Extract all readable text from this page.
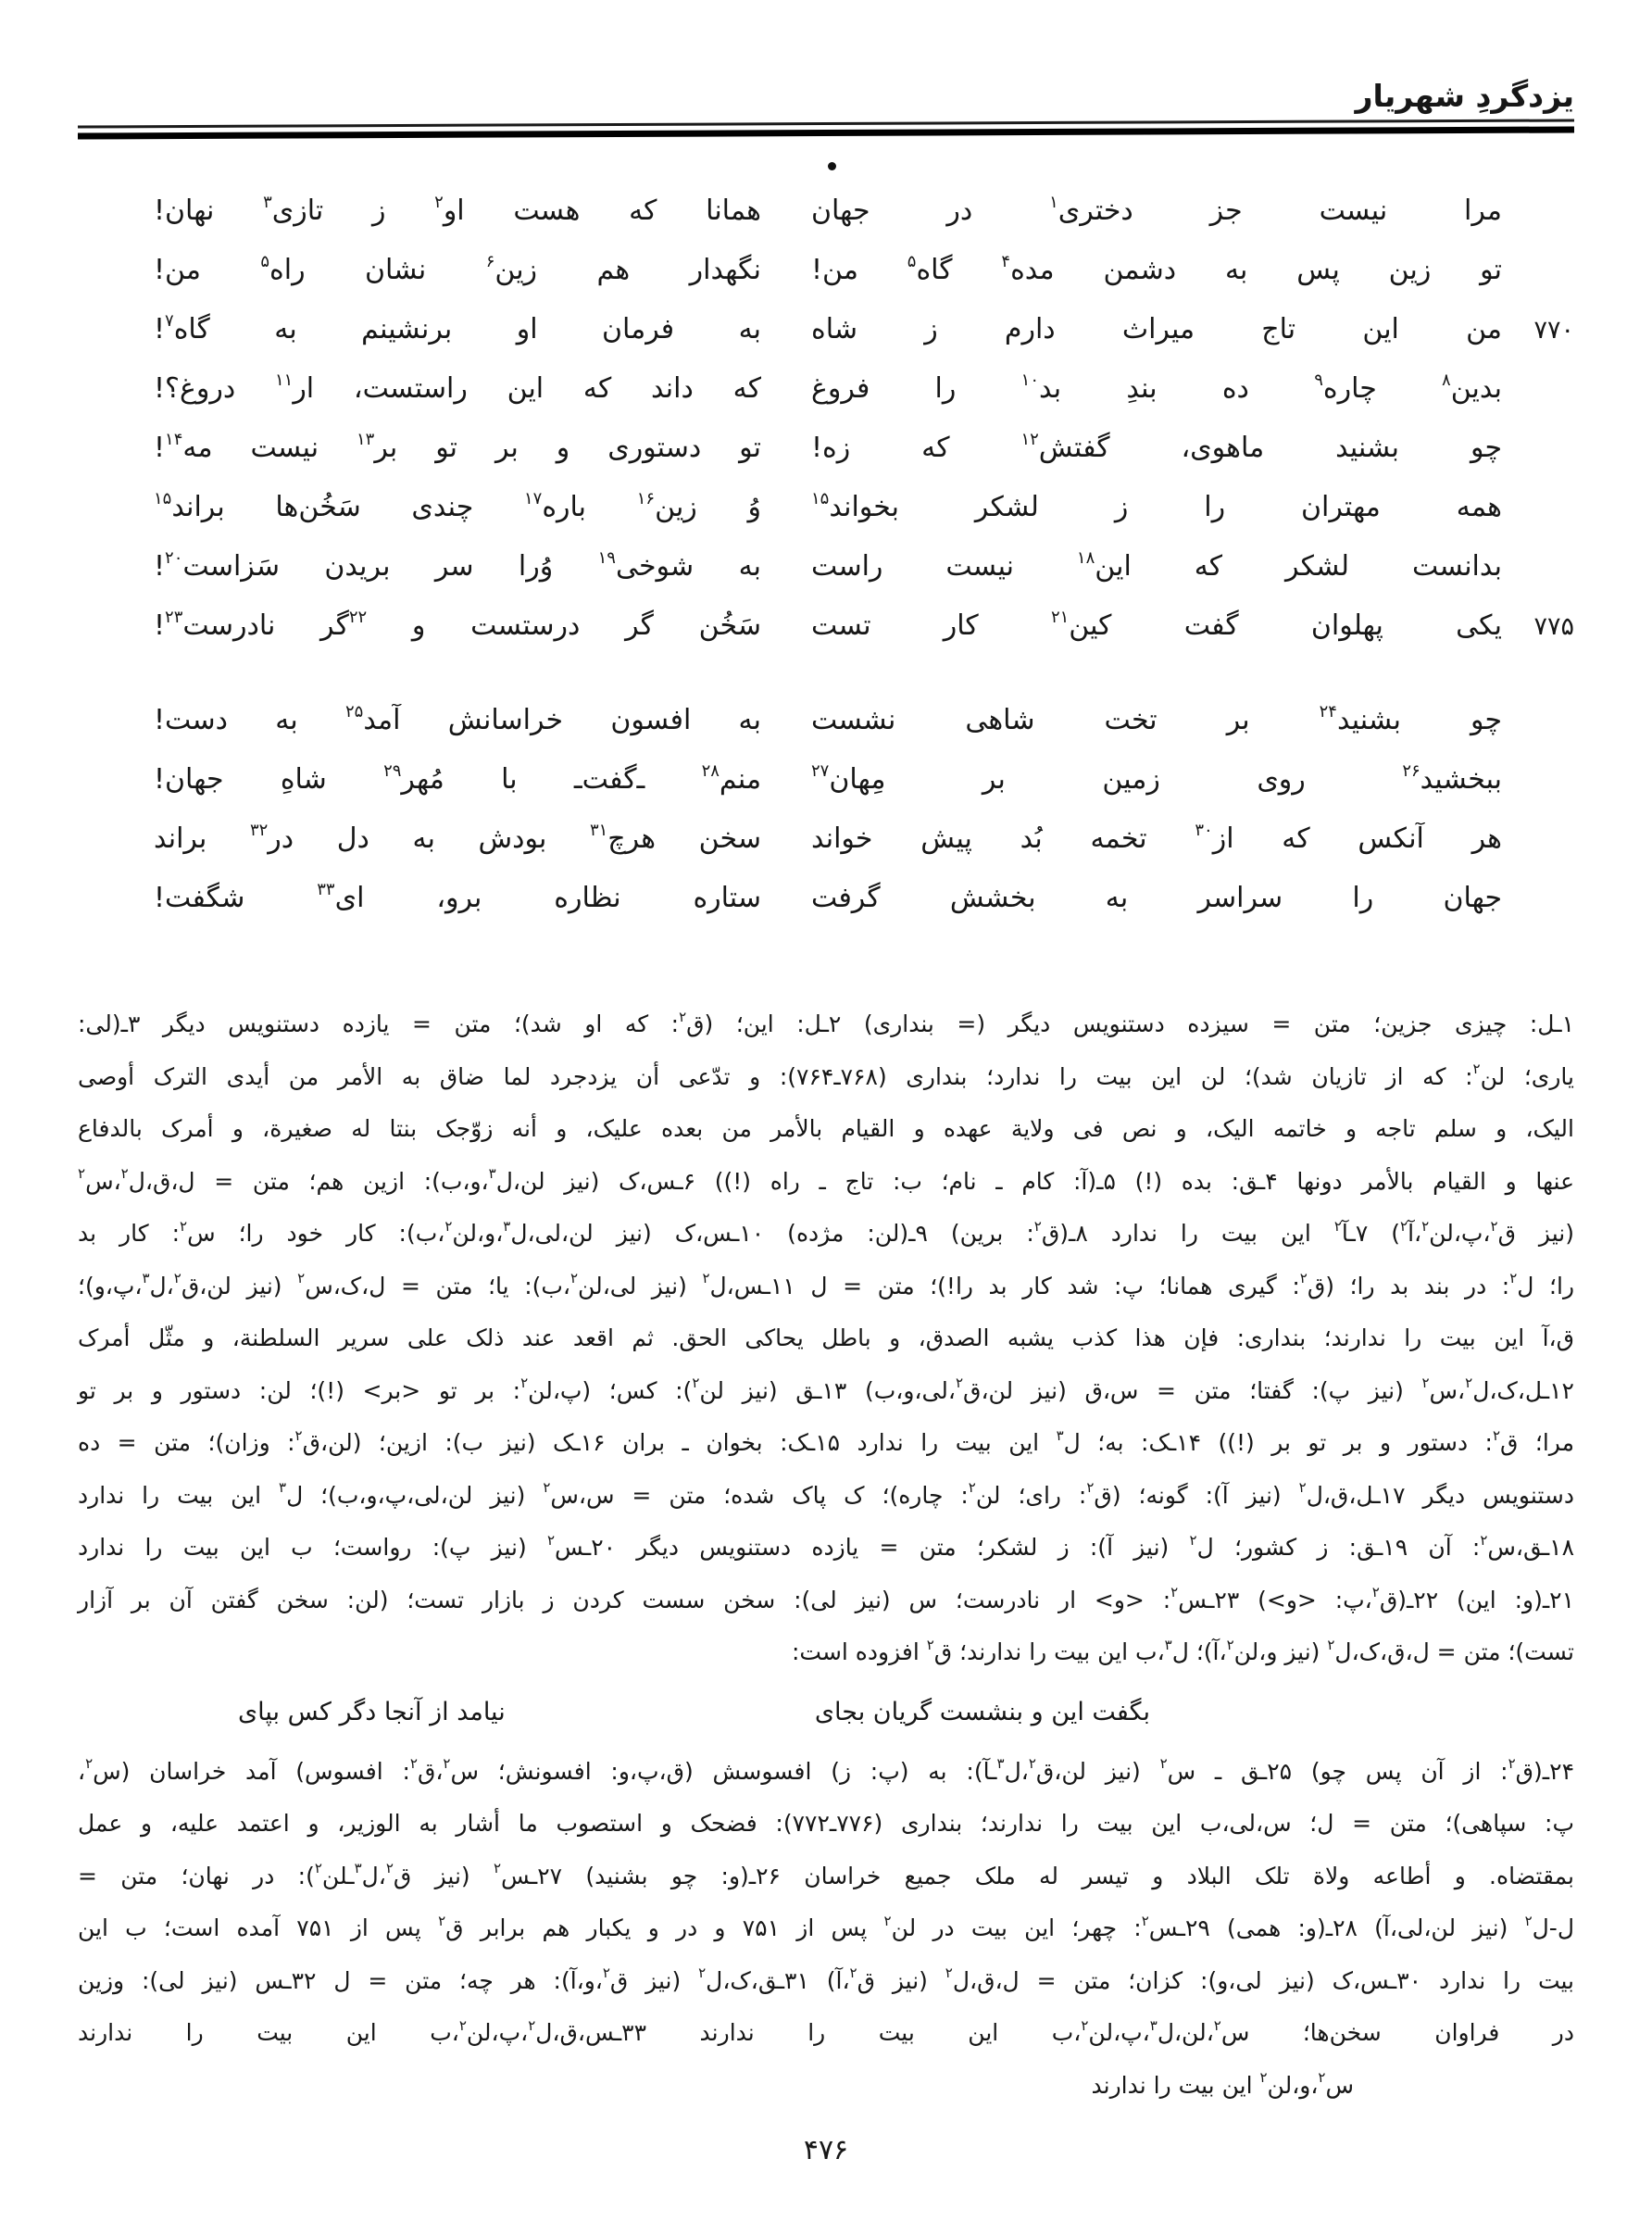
یزدگردِ شهریار
مرا نیست جز دختری$^۱$ در جهان
همانا که هست او$^۲$ ز تازی$^۳$ نهان!
تو زین پس به دشمن مده$^۴$ گاه$^۵$ من!
نگهدار هم زین$^۶$ نشان راه$^۵$ من!
۷۷۰
من این تاج میراث دارم ز شاه
به فرمان او برنشینم به گاه$^۷$!
بدین$^۸$ چاره$^۹$ ده بندِ بد$^{۱۰}$ را فروغ
که داند که این راستست، ار$^{۱۱}$ دروغ؟!
چو بشنید ماهوی، گفتش$^{۱۲}$ که زه!
تو دستوری و بر تو بر$^{۱۳}$ نیست مه$^{۱۴}$!
همه مهتران را ز لشکر بخواند$^{۱۵}$
وُ زین$^{۱۶}$ باره$^{۱۷}$ چندی سَخُن‌ها براند$^{۱۵}$
بدانست لشکر که این$^{۱۸}$ نیست راست
به شوخی$^{۱۹}$ وُرا سر بریدن سَزاست$^{۲۰}$!
۷۷۵
یکی پهلوان گفت کین$^{۲۱}$ کار تست
سَخُن گر درستست و $^{۲۲}$گر نادرست$^{۲۳}$!
چو بشنید$^{۲۴}$ بر تخت شاهی نشست
به افسون خراسانش آمد$^{۲۵}$ به دست!
ببخشید$^{۲۶}$ روی زمین بر مِهان$^{۲۷}$
منم$^{۲۸}$ ـ‌گفت‌ـ با مُهرِ$^{۲۹}$ شاهِ جهان!
هر آنکس که از$^{۳۰}$ تخمه بُد پیش خواند
سخن هرچ$^{۳۱}$ بودش به دل در$^{۳۲}$ براند
جهان را سراسر به بخشش گرفت
ستاره نظاره برو، ای$^{۳۳}$ شگفت!
۱ـل: چیزی جزین؛ متن = سیزده دستنویس دیگر (= بنداری) ۲ـل: این؛ (ق$^۲$: که او شد)؛ متن = یازده دستنویس دیگر ۳ـ(لی:
یاری؛ لن$^۲$: که از تازیان شد)؛ لن این بیت را ندارد؛ بنداری (۷۶۸ـ۷۶۴): و تدّعی أن یزدجرد لما ضاق به الأمر من أیدی الترک أوصی
الیک، و سلم تاجه و خاتمه الیک، و نص فی ولایة عهده و القیام بالأمر من بعده علیک، و أنه زوّجک بنتا له صغیرة، و أمرک بالدفاع
عنها و القیام بالأمر دونها ۴ـق: بده (!) ۵ـ(آ: کام ـ نام؛ ب: تاج ـ راه (!)) ۶ـس،ک (نیز لن،ل$^۳$،و،ب): ازین هم؛ متن = ل،ق،ل$^۲$،س$^۲$
(نیز ق$^۲$،پ،لن$^۲$،آ$^۲$) ۷ـآ$^۲$ این بیت را ندارد ۸ـ(ق$^۲$: برین) ۹ـ(لن: مژده) ۱۰ـس،ک (نیز لن،لی،ل$^۳$،و،لن$^۲$،ب): کار خود را؛ س$^۲$: کار بد
را؛ ل$^۲$: در بند بد را؛ (ق$^۲$: گیری همانا؛ پ: شد کار بد را!)؛ متن = ل ۱۱ـس،ل$^۲$ (نیز لی،لن$^۲$،ب): یا؛ متن = ل،ک،س$^۲$ (نیز لن،ق$^۲$،ل$^۳$،پ،و)؛
ق،آ این بیت را ندارند؛ بنداری: فإن هذا کذب یشبه الصدق، و باطل یحاکی الحق. ثم اقعد عند ذلک علی سریر السلطنة، و مثّل أمرک
۱۲ـل،ک،ل$^۲$،س$^۲$ (نیز پ): گفتا؛ متن = س،ق (نیز لن،ق$^۲$،لی،و،ب) ۱۳ـق (نیز لن$^۲$): کس؛ (پ،لن$^۲$: بر تو <بر> (!)؛ لن: دستور و بر تو
مرا؛ ق$^۲$: دستور و بر تو بر (!)) ۱۴ـک: به؛ ل$^۳$ این بیت را ندارد ۱۵ـک: بخوان ـ بران ۱۶ـک (نیز ب): ازین؛ (لن،ق$^۲$: وزان)؛ متن = ده
دستنویس دیگر ۱۷ـل،ق،ل$^۲$ (نیز آ): گونه؛ (ق$^۲$: رای؛ لن$^۲$: چاره)؛ ک پاک شده؛ متن = س،س$^۲$ (نیز لن،لی،پ،و،ب)؛ ل$^۳$ این بیت را ندارد
۱۸ـق،س$^۲$: آن ۱۹ـق: ز کشور؛ ل$^۲$ (نیز آ): ز لشکر؛ متن = یازده دستنویس دیگر ۲۰ـس$^۲$ (نیز پ): رواست؛ ب این بیت را ندارد
۲۱ـ(و: این) ۲۲ـ(ق$^۲$،پ: <و>) ۲۳ـس$^۲$: <و> ار نادرست؛ س (نیز لی): سخن سست کردن ز بازار تست؛ (لن: سخن گفتن آن بر آزار
تست)؛ متن = ل،ق،ک،ل$^۲$ (نیز و،لن$^۲$،آ)؛ ل$^۳$،ب این بیت را ندارند؛ ق$^۲$ افزوده است:
بگفت این و بنشست گریان بجای
نیامد از آنجا دگر کس بپای
۲۴ـ(ق$^۲$: از آن پس چو) ۲۵ـق ـ س$^۲$ (نیز لن،ق$^۲$،ل$^۳$ـآ): به (پ: ز) افسوسش (ق،پ،و: افسونش؛ س$^۲$،ق$^۲$: افسوس) آمد خراسان (س$^۲$،
پ: سپاهی)؛ متن = ل؛ س،لی،ب این بیت را ندارند؛ بنداری (۷۷۶ـ۷۷۲): فضحک و استصوب ما أشار به الوزیر، و اعتمد علیه، و عمل
بمقتضاه. و أطاعه ولاة تلک البلاد و تیسر له ملک جمیع خراسان ۲۶ـ(و: چو بشنید) ۲۷ـس$^۲$ (نیز ق$^۲$،ل$^۳$ـلن$^۲$): در نهان؛ متن =
ل-ل$^۲$ (نیز لن،لی،آ) ۲۸ـ(و: همی) ۲۹ـس$^۲$: چهر؛ این بیت در لن$^۲$ پس از ۷۵۱ و در و یکبار هم برابر ق$^۲$ پس از ۷۵۱ آمده است؛ ب این
بیت را ندارد ۳۰ـس،ک (نیز لی،و): کزان؛ متن = ل،ق،ل$^۲$ (نیز ق$^۲$،آ) ۳۱ـق،ک،ل$^۲$ (نیز ق$^۲$،و،آ): هر چه؛ متن = ل ۳۲ـس (نیز لی): وزین
در فراوان سخن‌ها؛ س$^۲$،لن،ل$^۳$،پ،لن$^۲$،ب این بیت را ندارند ۳۳ـس،ق،ل$^۲$،پ،لن$^۲$،ب این بیت را ندارند
س$^۲$،و،لن$^۲$ این بیت را ندارند
۴۷۶
